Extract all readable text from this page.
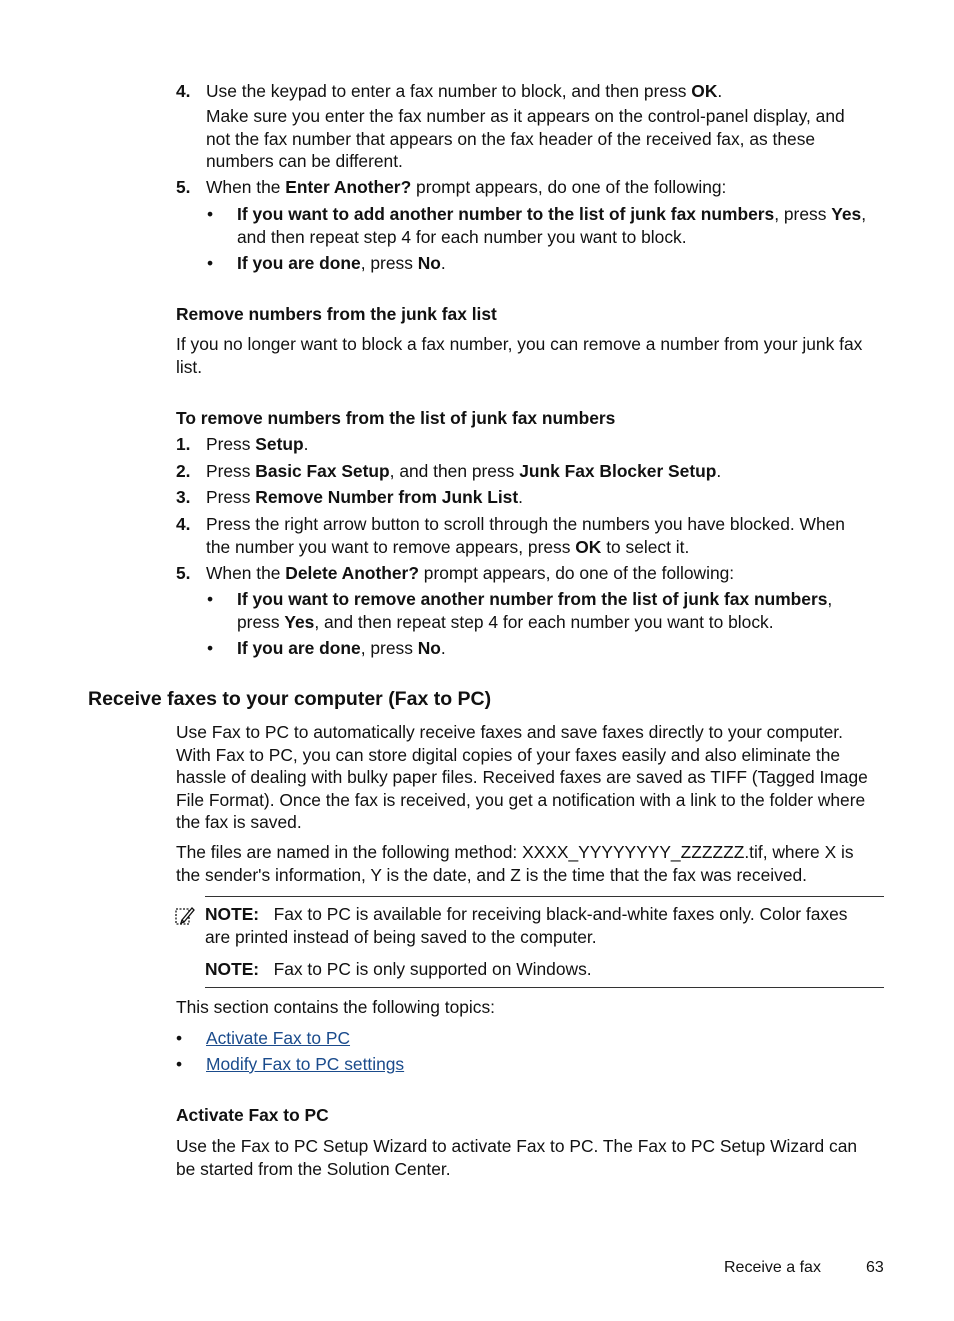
4. Use the keypad to enter a fax number to block, and then press OK.
Make sure you enter the fax number as it appears on the control-panel display, and not the fax number that appears on the fax header of the received fax, as these numbers can be different.
5. When the Enter Another? prompt appears, do one of the following:
• If you want to add another number to the list of junk fax numbers, press Yes, and then repeat step 4 for each number you want to block.
• If you are done, press No.
Remove numbers from the junk fax list
If you no longer want to block a fax number, you can remove a number from your junk fax list.
To remove numbers from the list of junk fax numbers
1. Press Setup.
2. Press Basic Fax Setup, and then press Junk Fax Blocker Setup.
3. Press Remove Number from Junk List.
4. Press the right arrow button to scroll through the numbers you have blocked. When the number you want to remove appears, press OK to select it.
5. When the Delete Another? prompt appears, do one of the following:
• If you want to remove another number from the list of junk fax numbers, press Yes, and then repeat step 4 for each number you want to block.
• If you are done, press No.
Receive faxes to your computer (Fax to PC)
Use Fax to PC to automatically receive faxes and save faxes directly to your computer. With Fax to PC, you can store digital copies of your faxes easily and also eliminate the hassle of dealing with bulky paper files. Received faxes are saved as TIFF (Tagged Image File Format). Once the fax is received, you get a notification with a link to the folder where the fax is saved.
The files are named in the following method: XXXX_YYYYYYYY_ZZZZZZ.tif, where X is the sender's information, Y is the date, and Z is the time that the fax was received.
NOTE: Fax to PC is available for receiving black-and-white faxes only. Color faxes are printed instead of being saved to the computer.
NOTE: Fax to PC is only supported on Windows.
This section contains the following topics:
• Activate Fax to PC
• Modify Fax to PC settings
Activate Fax to PC
Use the Fax to PC Setup Wizard to activate Fax to PC. The Fax to PC Setup Wizard can be started from the Solution Center.
Receive a fax	63
